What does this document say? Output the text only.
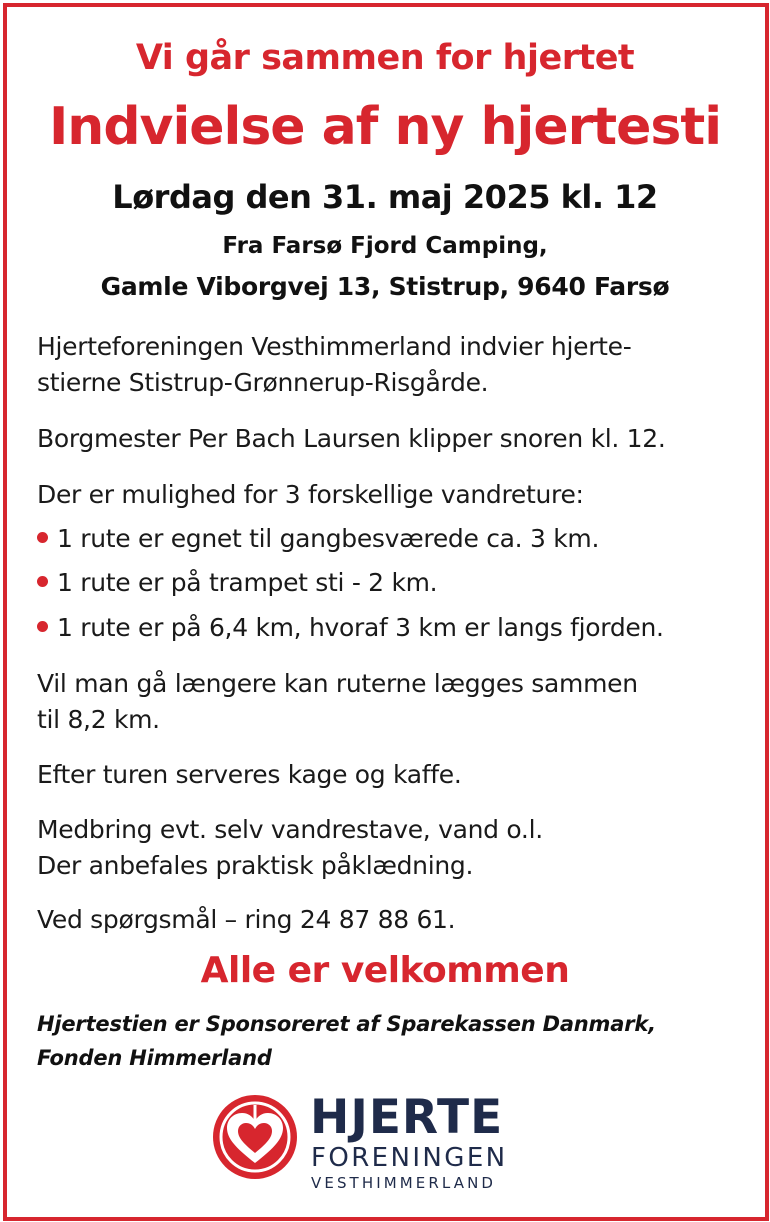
Vi går sammen for hjertet
Indvielse af ny hjertesti
Lørdag den 31. maj 2025 kl. 12
Fra Farsø Fjord Camping,
Gamle Viborgvej 13, Stistrup, 9640 Farsø
Hjerteforeningen Vesthimmerland indvier hjerte-
stierne Stistrup-Grønnerup-Risgårde.
Borgmester Per Bach Laursen klipper snoren kl. 12.
Der er mulighed for 3 forskellige vandreture:
1 rute er egnet til gangbesværede ca. 3 km.
1 rute er på trampet sti - 2 km.
1 rute er på 6,4 km, hvoraf 3 km er langs fjorden.
Vil man gå længere kan ruterne lægges sammen
til 8,2 km.
Efter turen serveres kage og kaffe.
Medbring evt. selv vandrestave, vand o.l.
Der anbefales praktisk påklædning.
Ved spørgsmål – ring 24 87 88 61.
Alle er velkommen
Hjertestien er Sponsoreret af Sparekassen Danmark,
Fonden Himmerland
HJERTE
FORENINGEN
VESTHIMMERLAND
